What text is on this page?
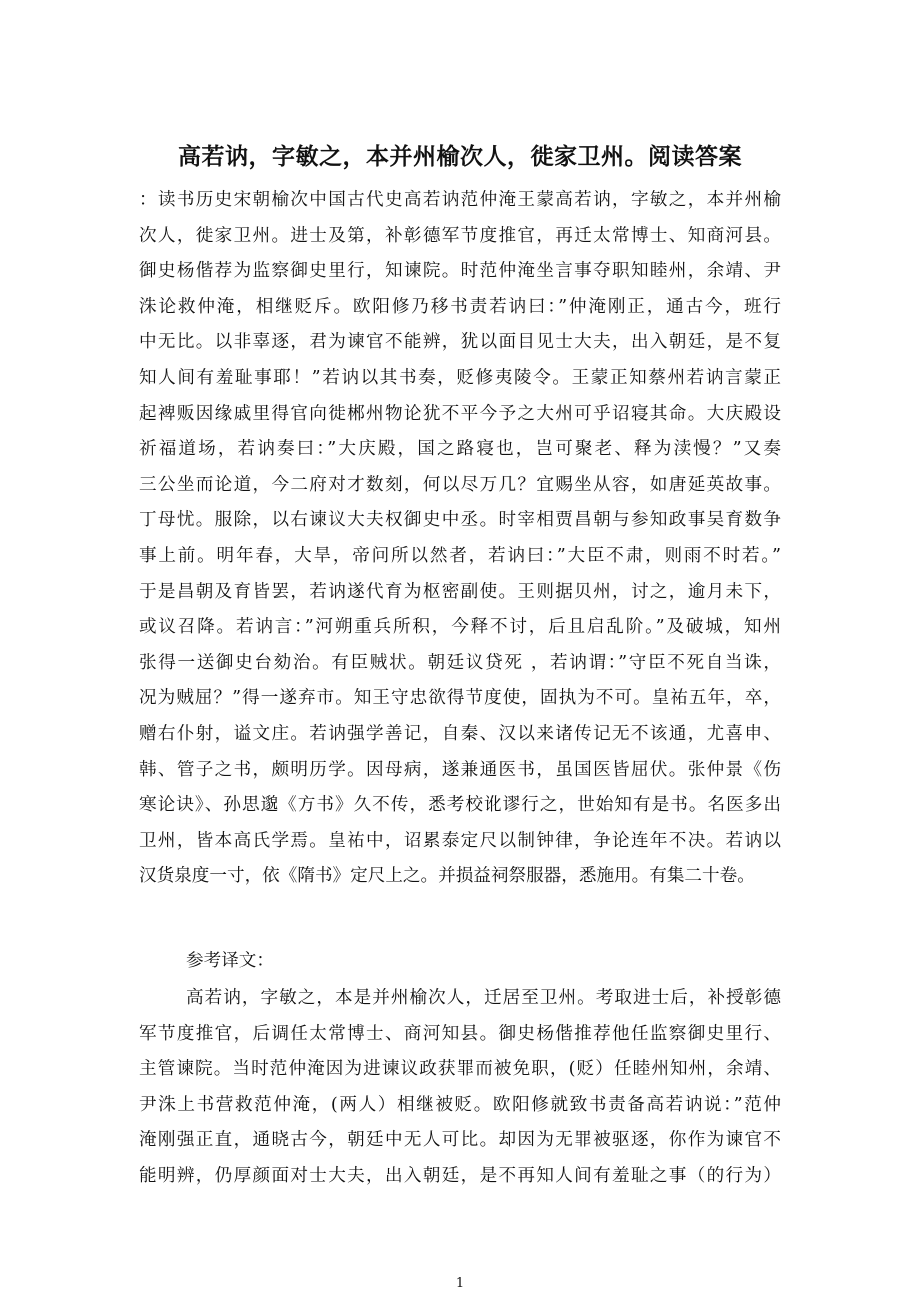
高若讷，字敏之，本并州榆次人，徙家卫州。阅读答案
：读书历史宋朝榆次中国古代史高若讷范仲淹王蒙高若讷，字敏之，本并州榆
次人，徙家卫州。进士及第，补彰德军节度推官，再迁太常博士、知商河县。
御史杨偕荐为监察御史里行，知谏院。时范仲淹坐言事夺职知睦州，余靖、尹
洙论救仲淹，相继贬斥。欧阳修乃移书责若讷曰：”仲淹刚正，通古今，班行
中无比。以非辜逐，君为谏官不能辨，犹以面目见士大夫，出入朝廷，是不复
知人间有羞耻事耶！”若讷以其书奏，贬修夷陵令。王蒙正知蔡州若讷言蒙正
起裨贩因缘戚里得官向徙郴州物论犹不平今予之大州可乎诏寝其命。大庆殿设
祈福道场，若讷奏曰：”大庆殿，国之路寝也，岂可聚老、释为渎慢？”又奏
三公坐而论道，今二府对才数刻，何以尽万几？宜赐坐从容，如唐延英故事。
丁母忧。服除，以右谏议大夫权御史中丞。时宰相贾昌朝与参知政事吴育数争
事上前。明年春，大旱，帝问所以然者，若讷曰：”大臣不肃，则雨不时若。”
于是昌朝及育皆罢，若讷遂代育为枢密副使。王则据贝州，讨之，逾月未下，
或议召降。若讷言：”河朔重兵所积，今释不讨，后且启乱阶。”及破城，知州
张得一送御史台劾治。有臣贼状。朝廷议贷死 ，若讷谓：”守臣不死自当诛，
况为贼屈？”得一遂弃市。知王守忠欲得节度使，固执为不可。皇祐五年，卒，
赠右仆射，谥文庄。若讷强学善记，自秦、汉以来诸传记无不该通，尤喜申、
韩、管子之书，颇明历学。因母病，遂兼通医书，虽国医皆屈伏。张仲景《伤
寒论诀》、孙思邈《方书》久不传，悉考校讹谬行之，世始知有是书。名医多出
卫州，皆本高氏学焉。皇祐中，诏累泰定尺以制钟律，争论连年不决。若讷以
汉货泉度一寸，依《隋书》定尺上之。并损益祠祭服器，悉施用。有集二十卷。
参考译文：
高若讷，字敏之，本是并州榆次人，迁居至卫州。考取进士后，补授彰德
军节度推官，后调任太常博士、商河知县。御史杨偕推荐他任监察御史里行、
主管谏院。当时范仲淹因为进谏议政获罪而被免职，(贬）任睦州知州，余靖、
尹洙上书营救范仲淹，(两人）相继被贬。欧阳修就致书责备高若讷说：”范仲
淹刚强正直，通晓古今，朝廷中无人可比。却因为无罪被驱逐，你作为谏官不
能明辨，仍厚颜面对士大夫，出入朝廷，是不再知人间有羞耻之事（的行为）
1
